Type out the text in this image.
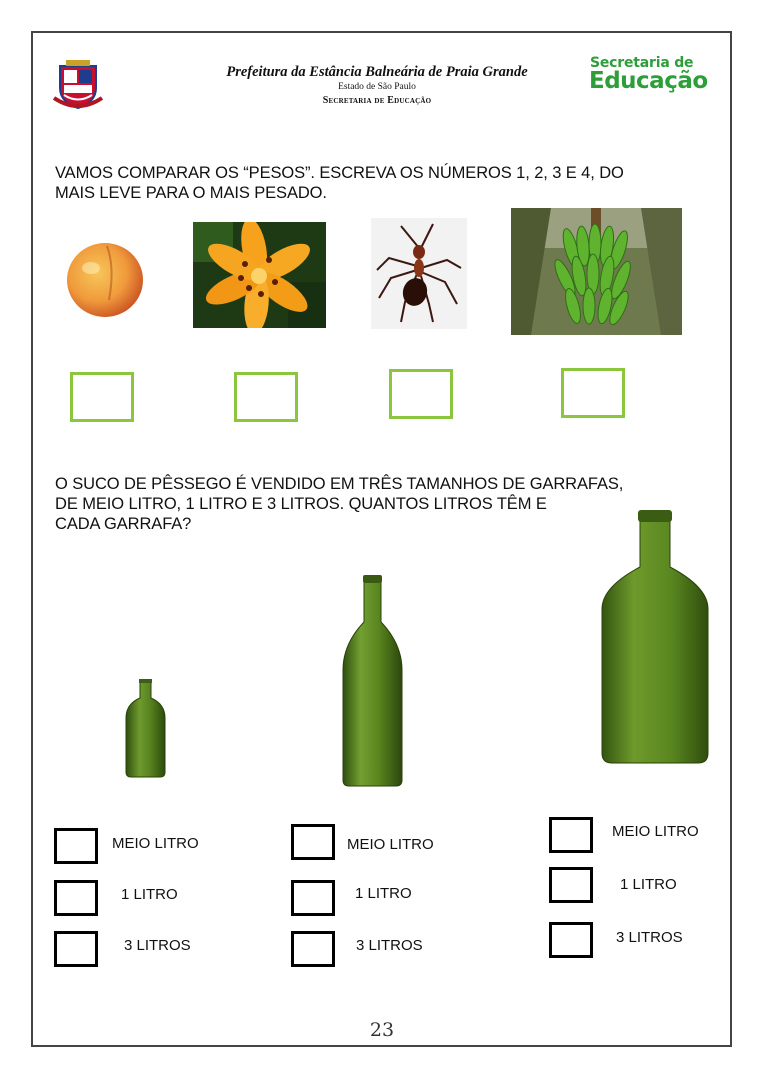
Prefeitura da Estância Balneária de Praia Grande
Estado de São Paulo
Secretaria de Educação
Secretaria de
Educação
VAMOS COMPARAR OS “PESOS”. ESCREVA OS NÚMEROS 1, 2, 3 E 4, DO
MAIS LEVE PARA O MAIS PESADO.
O SUCO DE PÊSSEGO É VENDIDO EM TRÊS TAMANHOS DE GARRAFAS,
DE MEIO LITRO, 1 LITRO E 3 LITROS. QUANTOS LITROS TÊM E
CADA GARRAFA?
MEIO LITRO
1 LITRO
3 LITROS
MEIO LITRO
1 LITRO
3 LITROS
MEIO LITRO
1 LITRO
3 LITROS
23
